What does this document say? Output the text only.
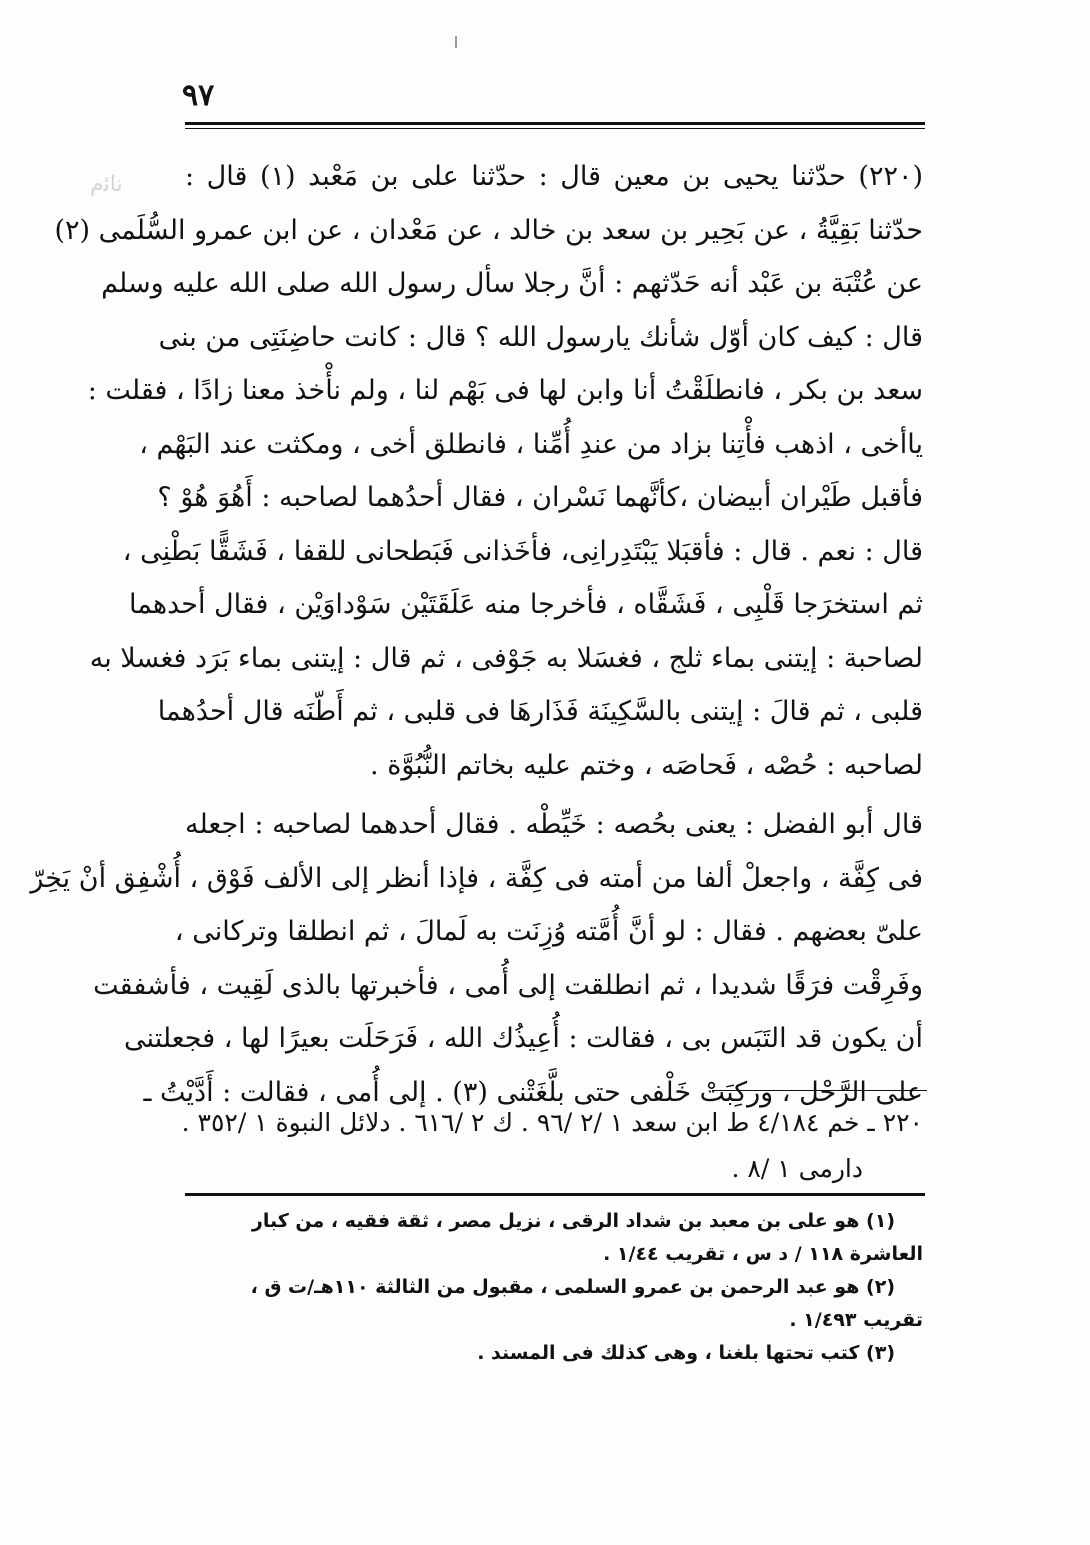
ﻧﺎﺋﻡ
٩٧
(٢٢٠) حدّثنا يحيى بن معين قال : حدّثنا على بن مَعْبد (١) قال :
حدّثنا بَقِيَّةُ ، عن بَحِير بن سعد بن خالد ، عن مَعْدان ، عن ابن عمرو السُّلَمى (٢)
عن عُتْبَة بن عَبْد أنه حَدّثهم : أنَّ رجلا سأل رسول الله صلى الله عليه وسلم
قال : كيف كان أوّل شأنك يارسول الله ؟ قال : كانت حاضِنَتِى من بنى
سعد بن بكر ، فانطلَقْتُ أنا وابن لها فى بَهْم لنا ، ولم نأْخذ معنا زادًا ، فقلت :
ياأخى ، اذهب فأْتِنا بزاد من عندِ أُمِّنا ، فانطلق أخى ، ومكثت عند البَهْم ،
فأقبل طَيْران أبيضان ،كأنَّهما نَسْران ، فقال أحدُهما لصاحبه : أَهُوَ هُوْ ؟
قال : نعم . قال : فأقبَلا يَبْتَدِرانِى، فأخَذانى فَبَطحانى للقفا ، فَشَقًّا بَطْنِى ،
ثم استخرَجا قَلْبِى ، فَشَقَّاه ، فأخرجا منه عَلَقَتَيْن سَوْداوَيْن ، فقال أحدهما
لصاحبة : إيتنى بماء ثلج ، فغسَلا به جَوْفى ، ثم قال : إيتنى بماء بَرَد فغسلا به
قلبى ، ثم قالَ : إيتنى بالسَّكِينَة فَذَارهَا فى قلبى ، ثم أَطّنَه قال أحدُهما
لصاحبه : حُصْه ، فَحاصَه ، وختم عليه بخاتم النُّبُوَّة .
قال أبو الفضل : يعنى بحُصه : خَيِّطْه . فقال أحدهما لصاحبه : اجعله
فى كِفَّة ، واجعلْ ألفا من أمته فى كِفَّة ، فإذا أنظر إلى الألف فَوْق ، أُشْفِق أنْ يَخِرّ
علىّ بعضهم . فقال : لو أنَّ أُمَّته وُزِنَت به لَمالَ ، ثم انطلقا وتركانى ،
وفَرِقْت فرَقًا شديدا ، ثم انطلقت إلى أُمى ، فأخبرتها بالذى لَقِيت ، فأشفقت
أن يكون قد التَبَس بى ، فقالت : أُعِيذُك الله ، فَرَحَلَت بعيرًا لها ، فجعلتنى
على الرَّحْل ، وركِبَتْ خَلْفى حتى بلَّغَتْنى (٣) . إلى أُمى ، فقالت : أَدَّيْتُ ـ
٢٢٠ ـ خم ٤/١٨٤ ط ابن سعد ١ /٢ /٩٦ . ك ٢ /٦١٦ . دلائل النبوة ١ /٣٥٢ .
دارمى ١ /٨ .
(١) هو على بن معبد بن شداد الرقى ، نزيل مصر ، ثقة فقيه ، من كبار
العاشرة ١١٨ / د س ، تقريب ١/٤٤ .
(٢) هو عبد الرحمن بن عمرو السلمى ، مقبول من الثالثة ١١٠هـ/ت ق ،
تقريب ١/٤٩٣ .
(٣) كتب تحتها بلغنا ، وهى كذلك فى المسند .
